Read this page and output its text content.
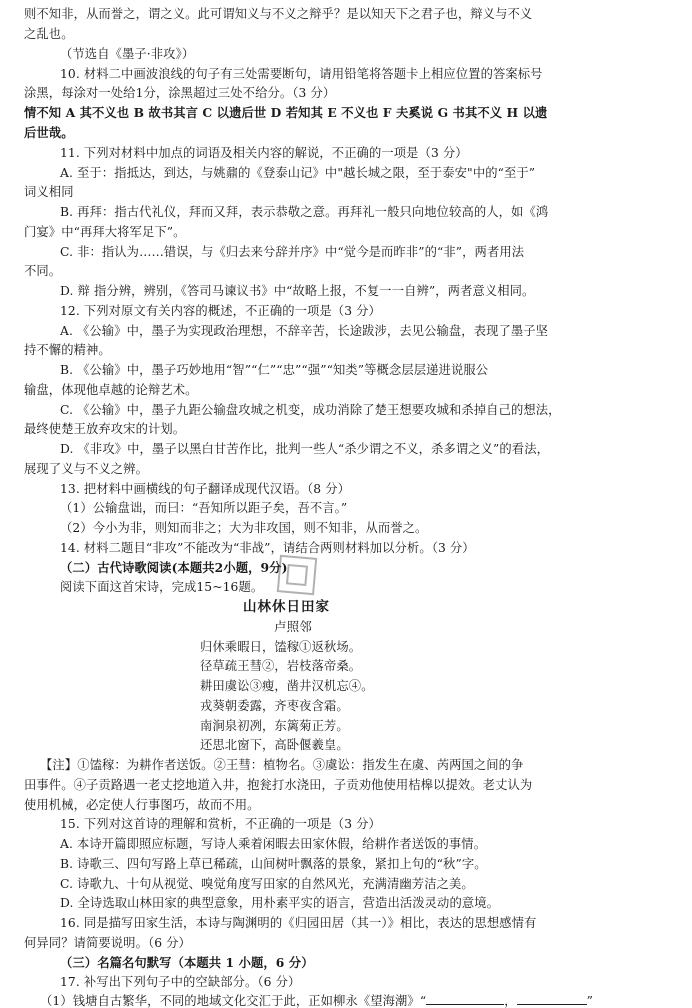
则不知非，从而誉之，谓之义。此可谓知义与不义之辩乎？是以知天下之君子也，辩义与不义
之乱也。
（节选自《墨子·非攻》）
10. 材料二中画波浪线的句子有三处需要断句，请用铅笔将答题卡上相应位置的答案标号
涂黑，每涂对一处给1分，涂黑超过三处不给分。（3 分）
情不知 A 其不义也 B 故书其言 C 以遗后世 D 若知其 E 不义也 F 夫奚说 G 书其不义 H 以遗
后世哉。
11. 下列对材料中加点的词语及相关内容的解说，不正确的一项是（3 分）
A. 至于：指抵达，到达，与姚鼐的《登泰山记》中"越长城之限，至于泰安"中的“至于”
词义相同
B. 再拜：指古代礼仪，拜而又拜，表示恭敬之意。再拜礼一般只向地位较高的人，如《鸿
门宴》中“再拜大将军足下”。
C. 非：指认为……错误，与《归去来兮辞并序》中“觉今是而昨非”的“非”，两者用法
不同。
D. 辩 指分辨，辨别，《答司马谏议书》中“故略上报，不复一一自辨”，两者意义相同。
12. 下列对原文有关内容的概述，不正确的一项是（3 分）
A. 《公输》中，墨子为实现政治理想，不辞辛苦，长途跋涉，去见公输盘，表现了墨子坚
持不懈的精神。
B. 《公输》中，墨子巧妙地用“智”“仁”“忠”“强”“知类”等概念层层递进说服公
输盘，体现他卓越的论辩艺术。
C. 《公输》中，墨子九距公输盘攻城之机变，成功消除了楚王想要攻城和杀掉自己的想法，
最终使楚王放弃攻宋的计划。
D. 《非攻》中，墨子以黑白甘苦作比，批判一些人“杀少谓之不义，杀多谓之义”的看法，
展现了义与不义之辨。
13. 把材料中画横线的句子翻译成现代汉语。（8 分）
（1）公输盘诎，而曰：“吾知所以距子矣，吾不言。”
（2）今小为非，则知而非之；大为非攻国，则不知非，从而誉之。
14. 材料二题目“非攻”不能改为“非战”，请结合两则材料加以分析。（3 分）
（二）古代诗歌阅读(本题共2小题，9分)
阅读下面这首宋诗，完成15~16题。
山林休日田家
卢照邻
归休乘暇日，馌稼①返秋场。
径草疏王彗②，岩枝落帝桑。
耕田虞讼③瘦，凿井汉机忘④。
戎葵朝委露，齐枣夜含霜。
南涧泉初冽，东篱菊正芳。
还思北窗下，高卧偃羲皇。
【注】①馌稼：为耕作者送饭。②王彗：植物名。③虞讼：指发生在虞、芮两国之间的争
田事件。④子贡路遇一老丈挖地道入井，抱瓮打水浇田，子贡劝他使用桔槔以提效。老丈认为
使用机械，必定使人行事图巧，故而不用。
15. 下列对这首诗的理解和赏析，不正确的一项是（3 分）
A. 本诗开篇即照应标题，写诗人乘着闲暇去田家休假，给耕作者送饭的事情。
B. 诗歌三、四句写路上草已稀疏，山间树叶飘落的景象，紧扣上句的“秋”字。
C. 诗歌九、十句从视觉、嗅觉角度写田家的自然风光，充满清幽芳洁之美。
D. 全诗选取山林田家的典型意象，用朴素平实的语言，营造出活泼灵动的意境。
16. 同是描写田家生活，本诗与陶渊明的《归园田居（其一）》相比，表达的思想感情有
何异同？请简要说明。（6 分）
（三）名篇名句默写（本题共 1 小题，6 分）
17. 补写出下列句子中的空缺部分。（6 分）
（1）钱塘自古繁华，不同的地域文化交汇于此，正如柳永《望海潮》“	，	”
